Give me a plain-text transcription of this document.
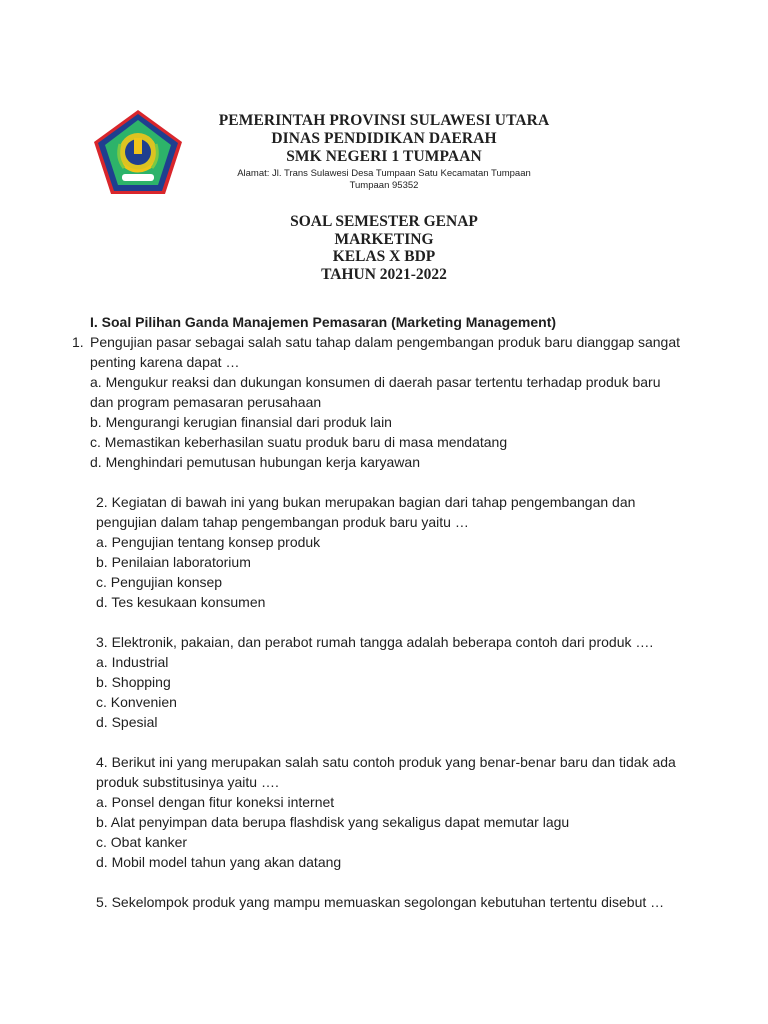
PEMERINTAH PROVINSI SULAWESI UTARA
DINAS PENDIDIKAN DAERAH
SMK NEGERI 1 TUMPAAN
Alamat: Jl. Trans Sulawesi Desa Tumpaan Satu Kecamatan Tumpaan
Tumpaan 95352
SOAL SEMESTER GENAP
MARKETING
KELAS X BDP
TAHUN 2021-2022
I. Soal Pilihan Ganda Manajemen Pemasaran (Marketing Management)
1. Pengujian pasar sebagai salah satu tahap dalam pengembangan produk baru dianggap sangat
penting karena dapat …
a. Mengukur reaksi dan dukungan konsumen di daerah pasar tertentu terhadap produk baru
dan program pemasaran perusahaan
b. Mengurangi kerugian finansial dari produk lain
c. Memastikan keberhasilan suatu produk baru di masa mendatang
d. Menghindari pemutusan hubungan kerja karyawan
2. Kegiatan di bawah ini yang bukan merupakan bagian dari tahap pengembangan dan
pengujian dalam tahap pengembangan produk baru yaitu …
a. Pengujian tentang konsep produk
b. Penilaian laboratorium
c. Pengujian konsep
d. Tes kesukaan konsumen
3. Elektronik, pakaian, dan perabot rumah tangga adalah beberapa contoh dari produk ….
a. Industrial
b. Shopping
c. Konvenien
d. Spesial
4. Berikut ini yang merupakan salah satu contoh produk yang benar-benar baru dan tidak ada
produk substitusinya yaitu ….
a. Ponsel dengan fitur koneksi internet
b. Alat penyimpan data berupa flashdisk yang sekaligus dapat memutar lagu
c. Obat kanker
d. Mobil model tahun yang akan datang
5. Sekelompok produk yang mampu memuaskan segolongan kebutuhan tertentu disebut …
